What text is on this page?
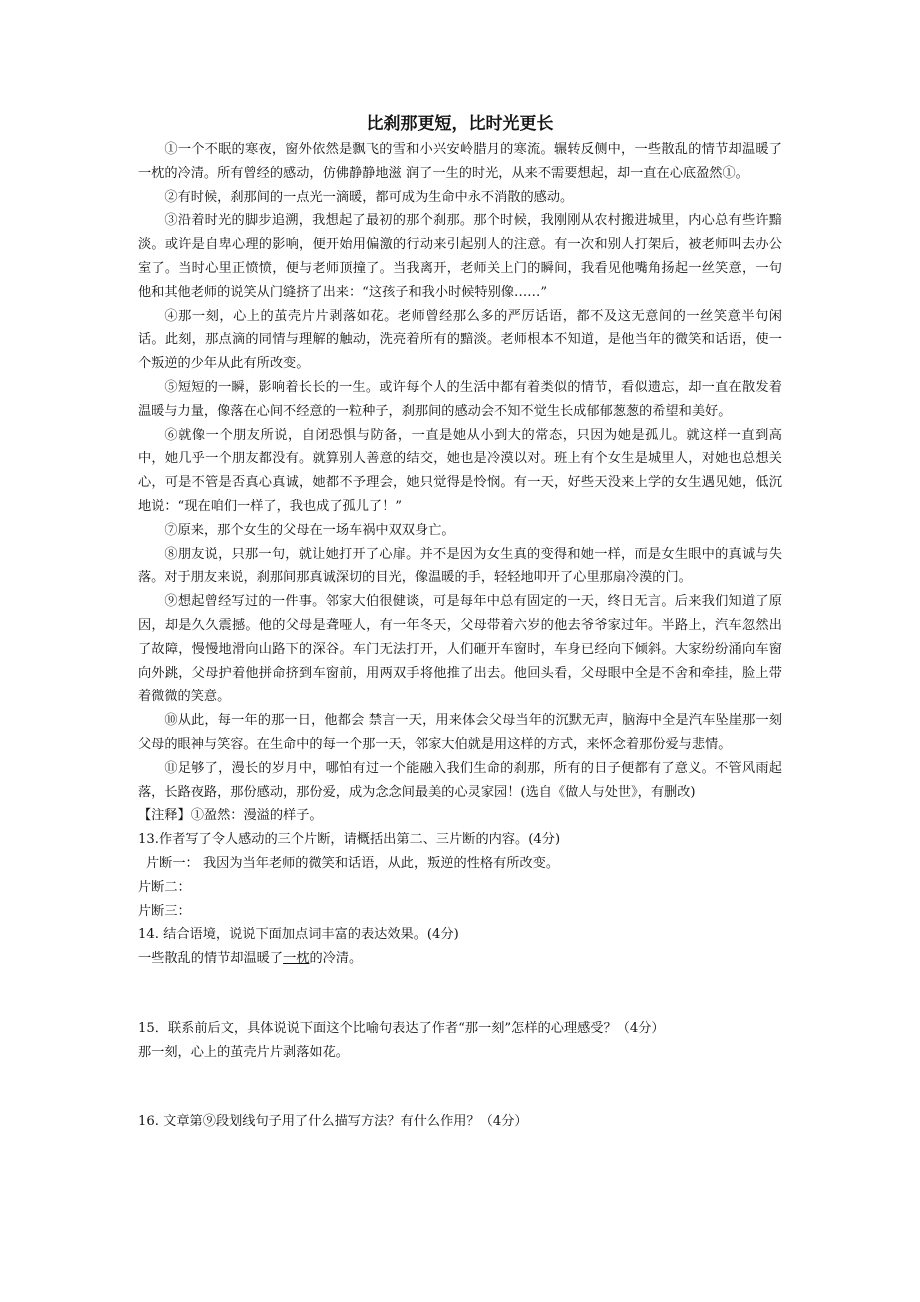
比刹那更短，比时光更长

①一个不眠的寒夜，窗外依然是飘飞的雪和小兴安岭腊月的寒流。辗转反侧中，一些散乱的情节却温暖了一枕的冷清。所有曾经的感动，仿佛静静地滋 润了一生的时光，从来不需要想起，却一直在心底盈然①。

②有时候，刹那间的一点光一滴暖，都可成为生命中永不消散的感动。

③沿着时光的脚步追溯，我想起了最初的那个刹那。那个时候，我刚刚从农村搬进城里，内心总有些许黯淡。或许是自卑心理的影响，便开始用偏激的行动来引起别人的注意。有一次和别人打架后，被老师叫去办公室了。当时心里正愤愤，便与老师顶撞了。当我离开，老师关上门的瞬间，我看见他嘴角扬起一丝笑意，一句他和其他老师的说笑从门缝挤了出来：“这孩子和我小时候特别像……”

④那一刻，心上的茧壳片片剥落如花。老师曾经那么多的严厉话语，都不及这无意间的一丝笑意半句闲话。此刻，那点滴的同情与理解的触动，洗亮着所有的黯淡。老师根本不知道，是他当年的微笑和话语，使一个叛逆的少年从此有所改变。

⑤短短的一瞬，影响着长长的一生。或许每个人的生活中都有着类似的情节，看似遗忘，却一直在散发着温暖与力量，像落在心间不经意的一粒种子，刹那间的感动会不知不觉生长成郁郁葱葱的希望和美好。

⑥就像一个朋友所说，自闭恐惧与防备，一直是她从小到大的常态，只因为她是孤儿。就这样一直到高中，她几乎一个朋友都没有。就算别人善意的结交，她也是冷漠以对。班上有个女生是城里人，对她也总想关心，可是不管是否真心真诚，她都不予理会，她只觉得是怜悯。有一天，好些天没来上学的女生遇见她，低沉地说：“现在咱们一样了，我也成了孤儿了！”

⑦原来，那个女生的父母在一场车祸中双双身亡。

⑧朋友说，只那一句，就让她打开了心扉。并不是因为女生真的变得和她一样，而是女生眼中的真诚与失落。对于朋友来说，刹那间那真诚深切的目光，像温暖的手，轻轻地叩开了心里那扇冷漠的门。

⑨想起曾经写过的一件事。邻家大伯很健谈，可是每年中总有固定的一天，终日无言。后来我们知道了原因，却是久久震撼。他的父母是聋哑人，有一年冬天，父母带着六岁的他去爷爷家过年。半路上，汽车忽然出了故障，慢慢地滑向山路下的深谷。车门无法打开，人们砸开车窗时，车身已经向下倾斜。大家纷纷涌向车窗向外跳，父母护着他拼命挤到车窗前，用两双手将他推了出去。他回头看，父母眼中全是不舍和牵挂，脸上带着微微的笑意。

⑩从此，每一年的那一日，他都会 禁言一天，用来体会父母当年的沉默无声，脑海中全是汽车坠崖那一刻父母的眼神与笑容。在生命中的每一个那一天，邻家大伯就是用这样的方式，来怀念着那份爱与悲情。

⑪足够了，漫长的岁月中，哪怕有过一个能融入我们生命的刹那，所有的日子便都有了意义。不管风雨起落，长路夜路，那份感动，那份爱，成为念念间最美的心灵家园！(选自《做人与处世》，有删改)

【注释】①盈然：漫溢的样子。

13.作者写了令人感动的三个片断，请概括出第二、三片断的内容。(4分)

片断一： 我因为当年老师的微笑和话语，从此，叛逆的性格有所改变。

片断二：

片断三：

14. 结合语境，说说下面加点词丰富的表达效果。(4分)

一些散乱的情节却温暖了一枕的冷清。

15．联系前后文，具体说说下面这个比喻句表达了作者“那一刻”怎样的心理感受？（4分）

那一刻，心上的茧壳片片剥落如花。

16. 文章第⑨段划线句子用了什么描写方法？有什么作用？（4分）
